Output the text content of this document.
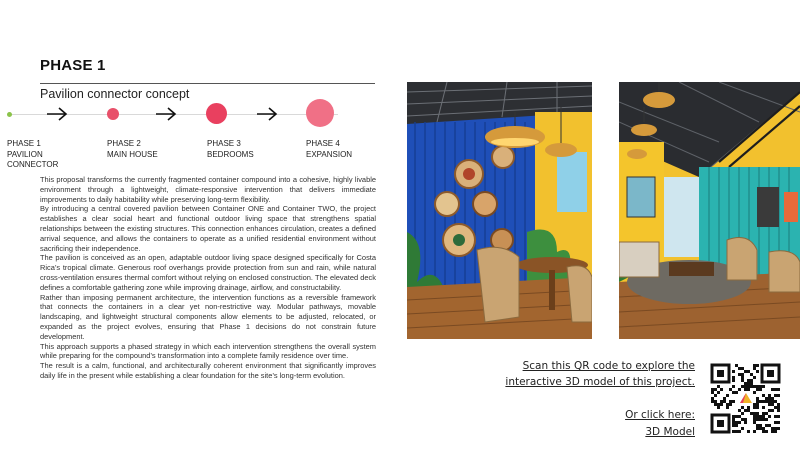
PHASE 1
Pavilion connector concept
PHASE 1
PAVILION
CONNECTOR
PHASE 2
MAIN HOUSE
PHASE 3
BEDROOMS
PHASE 4
EXPANSION

This proposal transforms the currently fragmented container compound into a cohesive, highly livable environment through a lightweight, climate-responsive intervention that delivers immediate improvements to daily habitability while preserving long-term flexibility.

By introducing a central covered pavilion between Container ONE and Container TWO, the project establishes a clear social heart and functional outdoor living space that strengthens spatial relationships between the existing structures. This connection enhances circulation, creates a defined arrival sequence, and allows the containers to operate as a unified residential environment without sacrificing their independence.

The pavilion is conceived as an open, adaptable outdoor living space designed specifically for Costa Rica’s tropical climate. Generous roof overhangs provide protection from sun and rain, while natural cross-ventilation ensures thermal comfort without relying on enclosed construction. The elevated deck defines a comfortable gathering zone while improving drainage, airflow, and constructability.

Rather than imposing permanent architecture, the intervention functions as a reversible framework that connects the containers in a clear yet non-restrictive way. Modular pathways, movable landscaping, and lightweight structural components allow elements to be adjusted, relocated, or expanded as the project evolves, ensuring that Phase 1 decisions do not constrain future development.

This approach supports a phased strategy in which each intervention strengthens the overall system while preparing for the compound’s transformation into a complete family residence over time.

The result is a calm, functional, and architecturally coherent environment that significantly improves daily life in the present while establishing a clear foundation for the site’s long-term evolution.

Scan this QR code to explore the
interactive 3D model of this project.
Or click here:
3D Model
